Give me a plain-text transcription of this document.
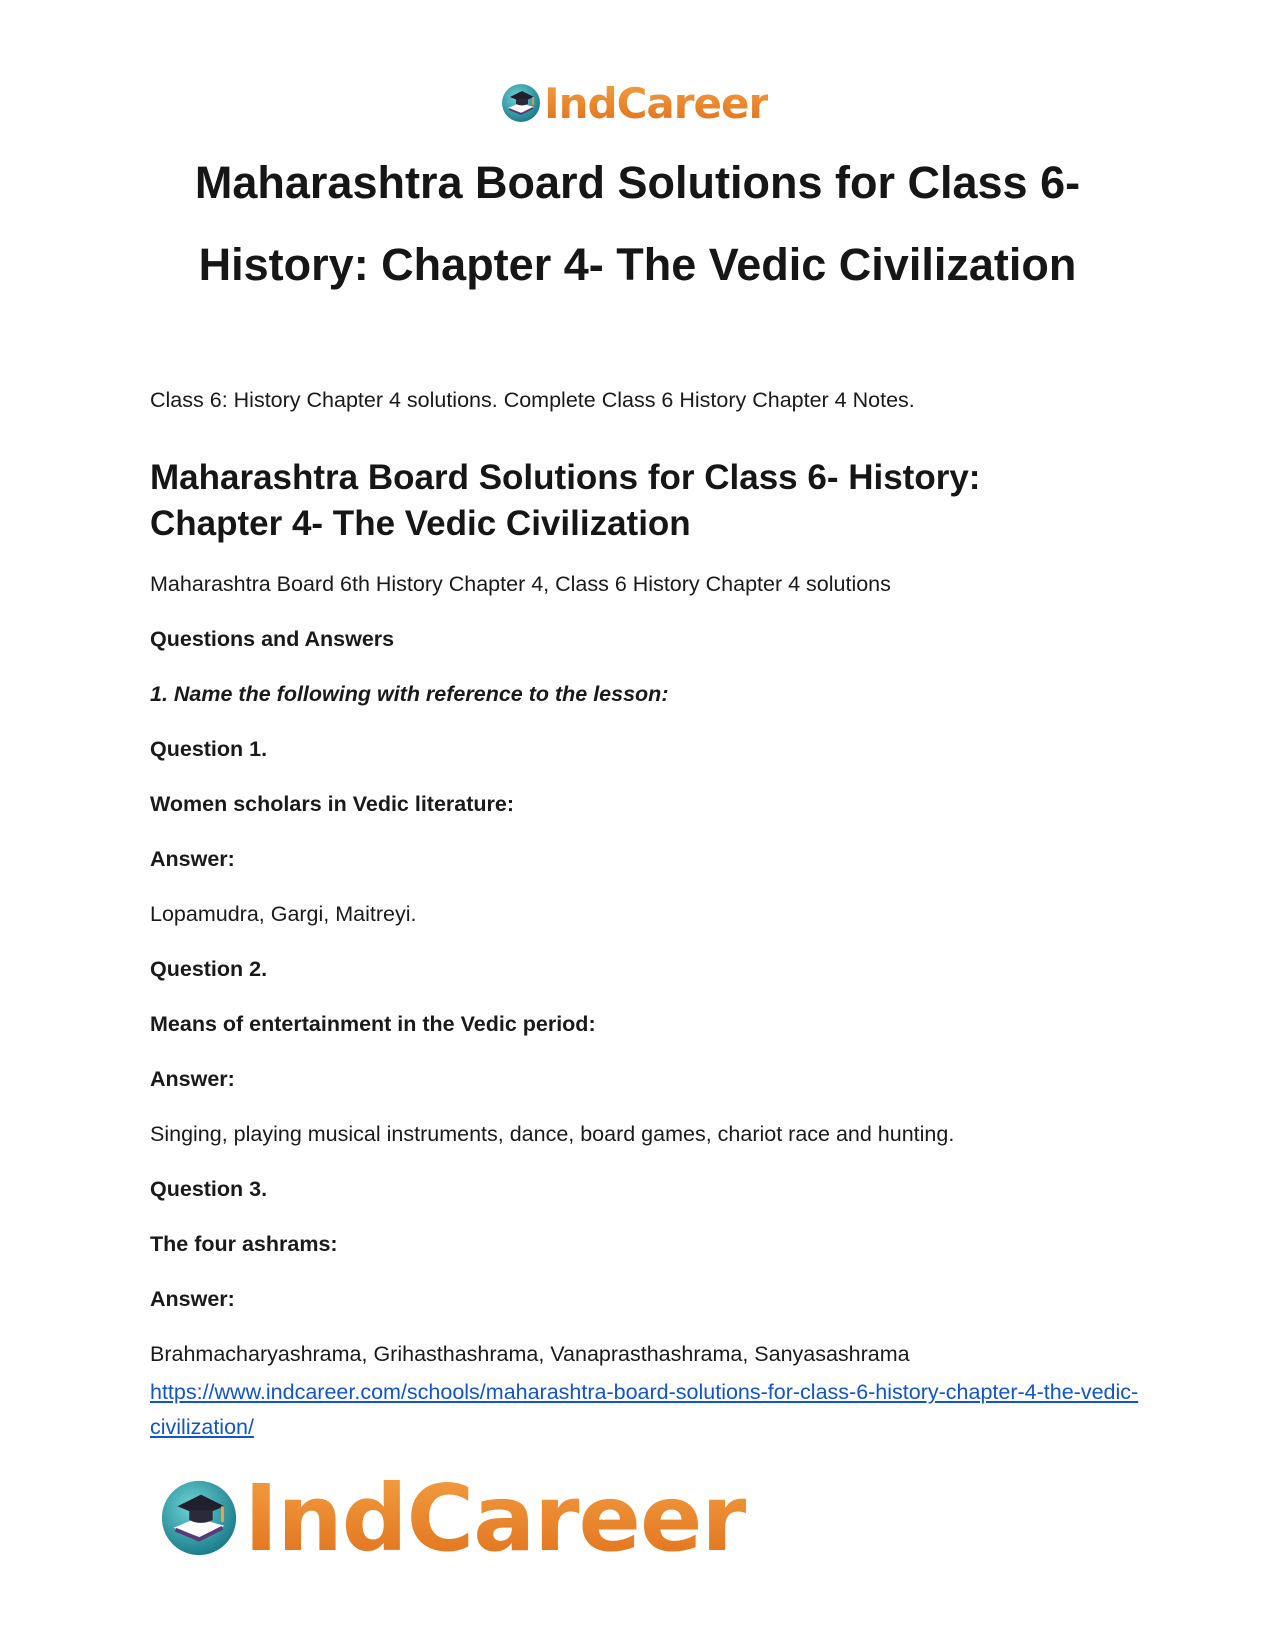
IndCareer
Maharashtra Board Solutions for Class 6-
History: Chapter 4- The Vedic Civilization

Class 6: History Chapter 4 solutions. Complete Class 6 History Chapter 4 Notes.

Maharashtra Board Solutions for Class 6- History:
Chapter 4- The Vedic Civilization

Maharashtra Board 6th History Chapter 4, Class 6 History Chapter 4 solutions

Questions and Answers

1. Name the following with reference to the lesson:

Question 1.

Women scholars in Vedic literature:

Answer:

Lopamudra, Gargi, Maitreyi.

Question 2.

Means of entertainment in the Vedic period:

Answer:

Singing, playing musical instruments, dance, board games, chariot race and hunting.

Question 3.

The four ashrams:

Answer:

Brahmacharyashrama, Grihasthashrama, Vanaprasthashrama, Sanyasashrama

https://www.indcareer.com/schools/maharashtra-board-solutions-for-class-6-history-chapter-4-the-vedic-civilization/
IndCareer
